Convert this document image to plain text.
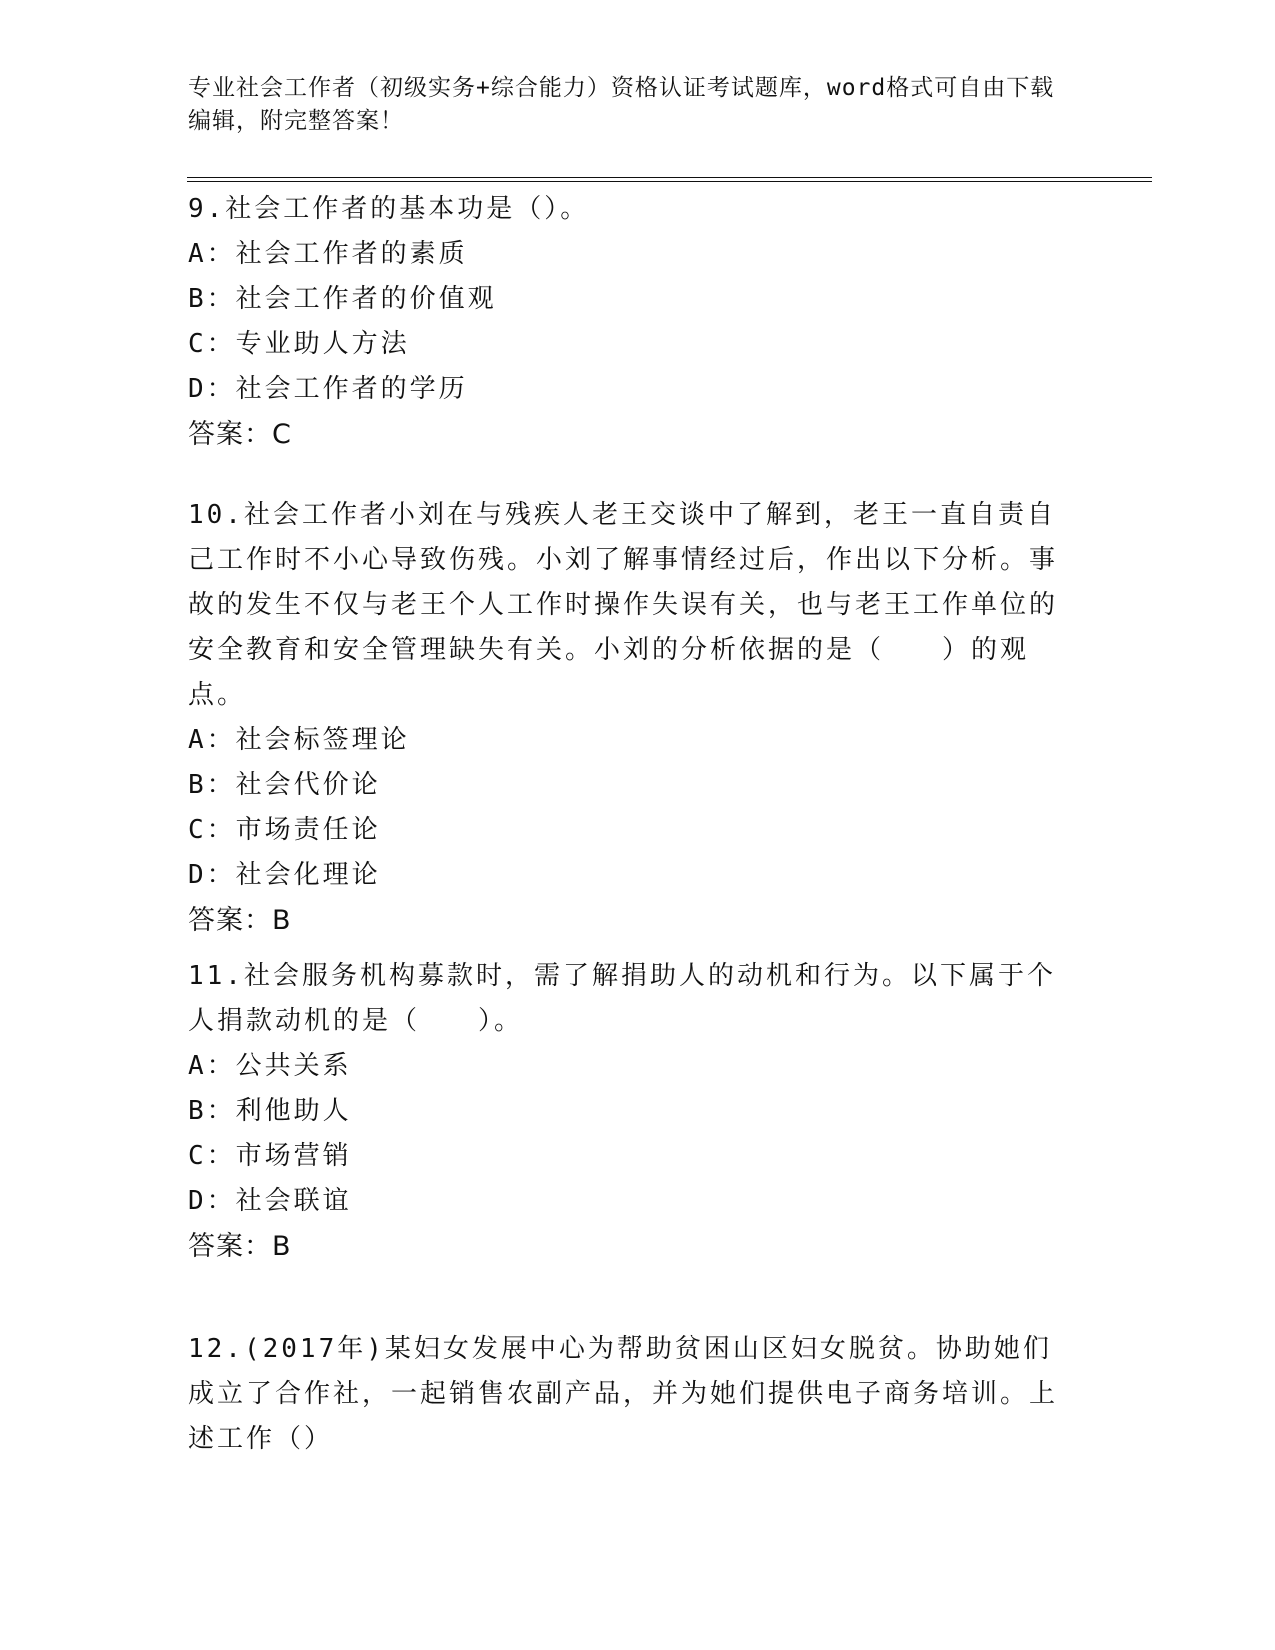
专业社会工作者（初级实务+综合能力）资格认证考试题库，word格式可自由下载
编辑，附完整答案！
9.社会工作者的基本功是（）。
A：社会工作者的素质
B：社会工作者的价值观
C：专业助人方法
D：社会工作者的学历
答案：C
10.社会工作者小刘在与残疾人老王交谈中了解到，老王一直自责自己工作时不小心导致伤残。小刘了解事情经过后，作出以下分析。事故的发生不仅与老王个人工作时操作失误有关，也与老王工作单位的安全教育和安全管理缺失有关。小刘的分析依据的是（　　）的观点。
A：社会标签理论
B：社会代价论
C：市场责任论
D：社会化理论
答案：B
11.社会服务机构募款时，需了解捐助人的动机和行为。以下属于个人捐款动机的是（　　）。
A：公共关系
B：利他助人
C：市场营销
D：社会联谊
答案：B
12.(2017年)某妇女发展中心为帮助贫困山区妇女脱贫。协助她们成立了合作社，一起销售农副产品，并为她们提供电子商务培训。上述工作（）
